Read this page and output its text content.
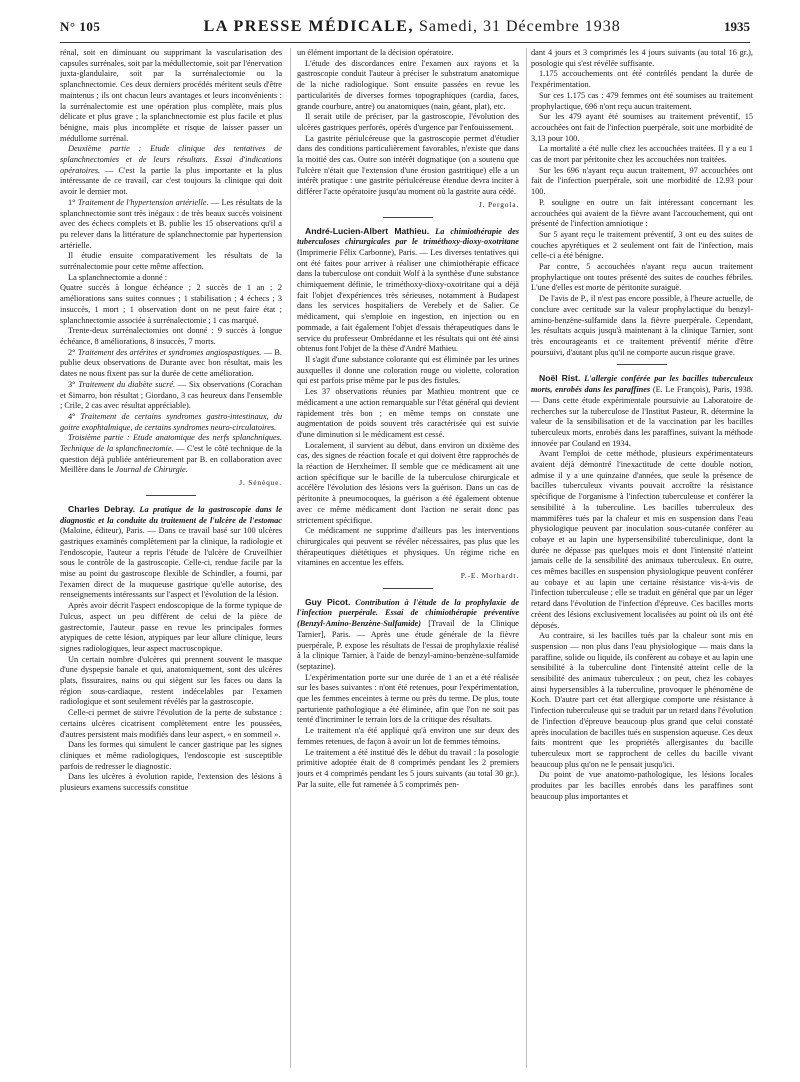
N° 105	LA PRESSE MÉDICALE, Samedi, 31 Décembre 1938	1935

rénal, soit en diminuant ou supprimant la vascularisation des capsules surrénales, soit par la médullectomie, soit par l'énervation juxta-glandulaire, soit par la surrénalectomie ou la splanchnectomie. Ces deux derniers procédés méritent seuls d'être maintenus ; ils ont chacun leurs avantages et leurs inconvénients : la surrénalectomie est une opération plus complète, mais plus délicate et plus grave ; la splanchnectomie est plus facile et plus bénigne, mais plus incomplète et risque de laisser passer un médullome surrénal.

Deuxième partie : Etude clinique des tentatives de splanchnectomies et de leurs résultats. Essai d'indications opératoires. — C'est la partie la plus importante et la plus intéressante de ce travail, car c'est toujours la clinique qui doit avoir le dernier mot.

1° Traitement de l'hypertension artérielle. — Les résultats de la splanchnectomie sont très inégaux : de très beaux succès voisinent avec des échecs complets et B. publie les 15 observations qu'il a pu relever dans la littérature de splanchnectomie par hypertension artérielle.

Il étudie ensuite comparativement les résultats de la surrénalectomie pour cette même affection.

La splanchnectomie a donné :

Quatre succès à longue échéance ; 2 succès de 1 an ; 2 améliorations sans suites connues ; 1 stabilisation ; 4 échecs ; 3 insuccès, 1 mort ; 1 observation dont on ne peut faire état ; splanchnectomie associée à surrénalectomie ; 1 cas marqué.

Trente-deux surrénalectomies ont donné : 9 succès à longue échéance, 8 améliorations, 8 insuccès, 7 morts.

2° Traitement des artérites et syndromes angiospastiques. — B. publie deux observations de Durante avec bon résultat, mais les dates ne nous fixent pas sur la durée de cette amélioration.

3° Traitement du diabète sucré. — Six observations (Corachan et Simarro, bon résultat ; Giordano, 3 cas heureux dans l'ensemble ; Crile, 2 cas avec résultat appréciable).

4° Traitement de certains syndromes gastro-intestinaux, du goitre exophtalmique, de certains syndromes neuro-circulatoires.

Troisième partie : Etude anatomique des nerfs splanchniques. Technique de la splanchnectomie. — C'est le côté technique de la question déjà publiée antérieurement par B. en collaboration avec Meillère dans le Journal de Chirurgie.

J. Sénèque.

Charles Debray. La pratique de la gastroscopie dans le diagnostic et la conduite du traitement de l'ulcère de l'estomac (Maloine, éditeur), Paris. — Dans ce travail basé sur 100 ulcères gastriques examinés complètement par la clinique, la radiologie et l'endoscopie, l'auteur a repris l'étude de l'ulcère de Cruveilhier sous le contrôle de la gastroscopie. Celle-ci, rendue facile par la mise au point du gastroscope flexible de Schindler, a fourni, par l'examen direct de la muqueuse gastrique qu'elle autorise, des renseignements intéressants sur l'aspect et l'évolution de la lésion.

Après avoir décrit l'aspect endoscopique de la forme typique de l'ulcus, aspect un peu différent de celui de la pièce de gastrectomie, l'auteur passe en revue les principales formes atypiques de cette lésion, atypiques par leur allure clinique, leurs signes radiologiques, leur aspect macroscopique.

Un certain nombre d'ulcères qui prennent souvent le masque d'une dyspepsie banale et qui, anatomiquement, sont des ulcères plats, fissuraires, nains ou qui siègent sur les faces ou dans la région sous-cardiaque, restent indécelables par l'examen radiologique et sont seulement révélés par la gastroscopie.

Celle-ci permet de suivre l'évolution de la perte de substance : certains ulcères cicatrisent complètement entre les poussées, d'autres persistent mais modifiés dans leur aspect, « en sommeil ».

Dans les formes qui simulent le cancer gastrique par les signes cliniques et même radiologiques, l'endoscopie est susceptible parfois de redresser le diagnostic.

Dans les ulcères à évolution rapide, l'extension des lésions à plusieurs examens successifs constitue

un élément important de la décision opératoire.

L'étude des discordances entre l'examen aux rayons et la gastroscopie conduit l'auteur à préciser le substratum anatomique de la niche radiologique. Sont ensuite passées en revue les particularités de diverses formes topographiques (cardia, faces, grande courbure, antre) ou anatomiques (nain, géant, plat), etc.

Il serait utile de préciser, par la gastroscopie, l'évolution des ulcères gastriques perforés, opérés d'urgence par l'enfouissement.

La gastrite périulcéreuse que la gastroscopie permet d'étudier dans des conditions particulièrement favorables, n'existe que dans la moitié des cas. Outre son intérêt dogmatique (on a soutenu que l'ulcère n'était que l'extension d'une érosion gastritique) elle a un intérêt pratique : une gastrite périulcéreuse étendue devra inciter à différer l'acte opératoire jusqu'au moment où la gastrite aura cédé.

J. Pergola.

André-Lucien-Albert Mathieu. La chimiothérapie des tuberculoses chirurgicales par le triméthoxy-dioxy-oxotritane (Imprimerie Félix Carbonne), Paris. — Les diverses tentatives qui ont été faites pour arriver à réaliser une chimiothérapie efficace dans la tuberculose ont conduit Wolf à la synthèse d'une substance chimiquement définie, le triméthoxy-dioxy-oxotritane qui a déjà fait l'objet d'expériences très sérieuses, notamment à Budapest dans les services hospitaliers de Verebely et de Salier. Ce médicament, qui s'emploie en ingestion, en injection ou en pommade, a fait également l'objet d'essais thérapeutiques dans le service du professeur Ombrédanne et les résultats qui ont été ainsi obtenus font l'objet de la thèse d'André Mathieu.

Il s'agit d'une substance colorante qui est éliminée par les urines auxquelles il donne une coloration rouge ou violette, coloration qui est parfois prise même par le pus des fistules.

Les 37 observations réunies par Mathieu montrent que ce médicament a une action remarquable sur l'état général qui devient rapidement très bon ; en même temps on constate une augmentation de poids souvent très caractérisée qui est suivie d'une diminution si le médicament est cessé.

Localement, il survient au début, dans environ un dixième des cas, des signes de réaction focale et qui doivent être rapprochés de la réaction de Herxheimer. Il semble que ce médicament ait une action spécifique sur le bacille de la tuberculose chirurgicale et accélère l'évolution des lésions vers la guérison. Dans un cas de péritonite à pneumocoques, la guérison a été également obtenue avec ce même médicament dont l'action ne serait donc pas strictement spécifique.

Ce médicament ne supprime d'ailleurs pas les interventions chirurgicales qui peuvent se révéler nécessaires, pas plus que les thérapeutiques diététiques et physiques. Un régime riche en vitamines en accentue les effets.

P.-E. Morhardt.

Guy Picot. Contribution à l'étude de la prophylaxie de l'infection puerpérale. Essai de chimiothérapie préventive (Benzyl-Amino-Benzène-Sulfamide) [Travail de la Clinique Tarnier], Paris. — Après une étude générale de la fièvre puerpérale, P. expose les résultats de l'essai de prophylaxie réalisé à la clinique Tarnier, à l'aide de benzyl-amino-benzène-sulfamide (septazine).

L'expérimentation porte sur une durée de 1 an et a été réalisée sur les bases suivantes : n'ont été retenues, pour l'expérimentation, que les femmes enceintes à terme ou près du terme. De plus, toute parturiente pathologique a été éliminée, afin que l'on ne soit pas tenté d'incriminer le terrain lors de la critique des résultats.

Le traitement n'a été appliqué qu'à environ une sur deux des femmes retenues, de façon à avoir un lot de femmes témoins.

Le traitement a été institué dès le début du travail : la posologie primitive adoptée était de 8 comprimés pendant les 2 premiers jours et 4 comprimés pendant les 5 jours suivants (au total 30 gr.). Par la suite, elle fut ramenée à 5 comprimés pen-

dant 4 jours et 3 comprimés les 4 jours suivants (au total 16 gr.), posologie qui s'est révélée suffisante.

1.175 accouchements ont été contrôlés pendant la durée de l'expérimentation.

Sur ces 1.175 cas : 479 femmes ont été soumises au traitement prophylactique, 696 n'ont reçu aucun traitement.

Sur les 479 ayant été soumises au traitement préventif, 15 accouchées ont fait de l'infection puerpérale, soit une morbidité de 3,13 pour 100.

La mortalité a été nulle chez les accouchées traitées. Il y a eu 1 cas de mort par péritonite chez les accouchées non traitées.

Sur les 696 n'ayant reçu aucun traitement, 97 accouchées ont fait de l'infection puerpérale, soit une morbidité de 12.93 pour 100.

P. souligne en outre un fait intéressant concernant les accouchées qui avaient de la fièvre avant l'accouchement, qui ont présenté de l'infection amniotique :

Sur 5 ayant reçu le traitement préventif, 3 ont eu des suites de couches apyrétiques et 2 seulement ont fait de l'infection, mais celle-ci a été bénigne.

Par contre, 5 accouchées n'ayant reçu aucun traitement prophylactique ont toutes présenté des suites de couches fébriles. L'une d'elles est morte de péritonite suraiguë.

De l'avis de P., il n'est pas encore possible, à l'heure actuelle, de conclure avec certitude sur la valeur prophylactique du benzyl-amino-benzène-sulfamide dans la fièvre puerpérale. Cependant, les résultats acquis jusqu'à maintenant à la clinique Tarnier, sont très encourageants et ce traitement préventif mérite d'être poursuivi, d'autant plus qu'il ne comporte aucun risque grave.

Noël Rist. L'allergie conférée par les bacilles tuberculeux morts, enrobés dans les paraffines (E. Le François), Paris, 1938. — Dans cette étude expérimentale poursuivie au Laboratoire de recherches sur la tuberculose de l'Institut Pasteur, R. détermine la valeur de la sensibilisation et de la vaccination par les bacilles tuberculeux morts, enrobés dans les paraffines, suivant la méthode innovée par Couland en 1934.

Avant l'emploi de cette méthode, plusieurs expérimentateurs avaient déjà démontré l'inexactitude de cette double notion, admise il y a une quinzaine d'années, que seule la présence de bacilles tuberculeux vivants pouvait accroître la résistance spécifique de l'organisme à l'infection tuberculeuse et conférer la sensibilité à la tuberculine. Les bacilles tuberculeux des mammifères tués par la chaleur et mis en suspension dans l'eau physiologique peuvent par inoculation sous-cutanée conférer au cobaye et au lapin une hypersensibilité tuberculinique, dont la durée ne dépasse pas quelques mois et dont l'intensité n'atteint jamais celle de la sensibilité des animaux tuberculeux. En outre, ces mêmes bacilles en suspension physiologique peuvent conférer au cobaye et au lapin une certaine résistance vis-à-vis de l'infection tuberculeuse ; elle se traduit en général que par un léger retard dans l'évolution de l'infection d'épreuve. Ces bacilles morts créent des lésions exclusivement localisées au point où ils ont été déposés.

Au contraire, si les bacilles tués par la chaleur sont mis en suspension — non plus dans l'eau physiologique — mais dans la paraffine, solide ou liquide, ils confèrent au cobaye et au lapin une sensibilité à la tuberculine dont l'intensité atteint celle de la sensibilité des animaux tuberculeux ; on peut, chez les cobayes ainsi hypersensibles à la tuberculine, provoquer le phénomène de Koch. D'autre part cet état allergique comporte une résistance à l'infection tuberculeuse qui se traduit par un retard dans l'évolution de l'infection d'épreuve beaucoup plus grand que celui constaté après inoculation de bacilles tués en suspension aqueuse. Ces deux faits montrent que les propriétés allergisantes du bacille tuberculeux mort se rapprochent de celles du bacille vivant beaucoup plus qu'on ne le pensait jusqu'ici.

Du point de vue anatomo-pathologique, les lésions locales produites par les bacilles enrobés dans les paraffines sont beaucoup plus importantes et
